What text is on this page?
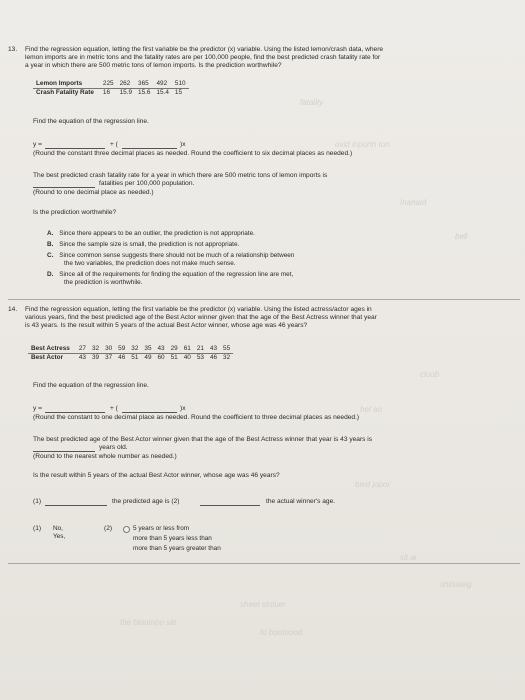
fatality
ovid inportn ton
Inanaid
bell
cloob
hel ao
bied jopor
sit ai
shirtawig
the bloomoo sitr
sheet stoluer
to bootnood
13. Find the regression equation, letting the first variable be the predictor (x) variable. Using the listed lemon/crash data, where
lemon imports are in metric tons and the fatality rates are per 100,000 people, find the best predicted crash fatality rate for
a year in which there are 500 metric tons of lemon imports. Is the prediction worthwhile?
Lemon Imports	225	262	365	492	510
Crash Fatality Rate	16	15.9	15.6	15.4	15
Find the equation of the regression line.
y =	+ (	)x
(Round the constant three decimal places as needed. Round the coefficient to six decimal places as needed.)
The best predicted crash fatality rate for a year in which there are 500 metric tons of lemon imports is
fatalities per 100,000 population.
(Round to one decimal place as needed.)
Is the prediction worthwhile?
A. Since there appears to be an outlier, the prediction is not appropriate.
B. Since the sample size is small, the prediction is not appropriate.
C. Since common sense suggests there should not be much of a relationship between
the two variables, the prediction does not make much sense.
D. Since all of the requirements for finding the equation of the regression line are met,
the prediction is worthwhile.
14. Find the regression equation, letting the first variable be the predictor (x) variable. Using the listed actress/actor ages in
various years, find the best predicted age of the Best Actor winner given that the age of the Best Actress winner that year
is 43 years. Is the result within 5 years of the actual Best Actor winner, whose age was 46 years?
Best Actress	27	32	30	59	32	35	43	29	61	21	43	55
Best Actor	43	39	37	46	51	49	60	51	40	53	46	32
Find the equation of the regression line.
y =	+ (	)x
(Round the constant to one decimal place as needed. Round the coefficient to three decimal places as needed.)
The best predicted age of the Best Actor winner given that the age of the Best Actress winner that year is 43 years is
years old.
(Round to the nearest whole number as needed.)
Is the result within 5 years of the actual Best Actor winner, whose age was 46 years?
(1)	the predicted age is (2)	the actual winner's age.
(1) No,
Yes,
(2)	5 years or less from
more than 5 years less than
more than 5 years greater than
